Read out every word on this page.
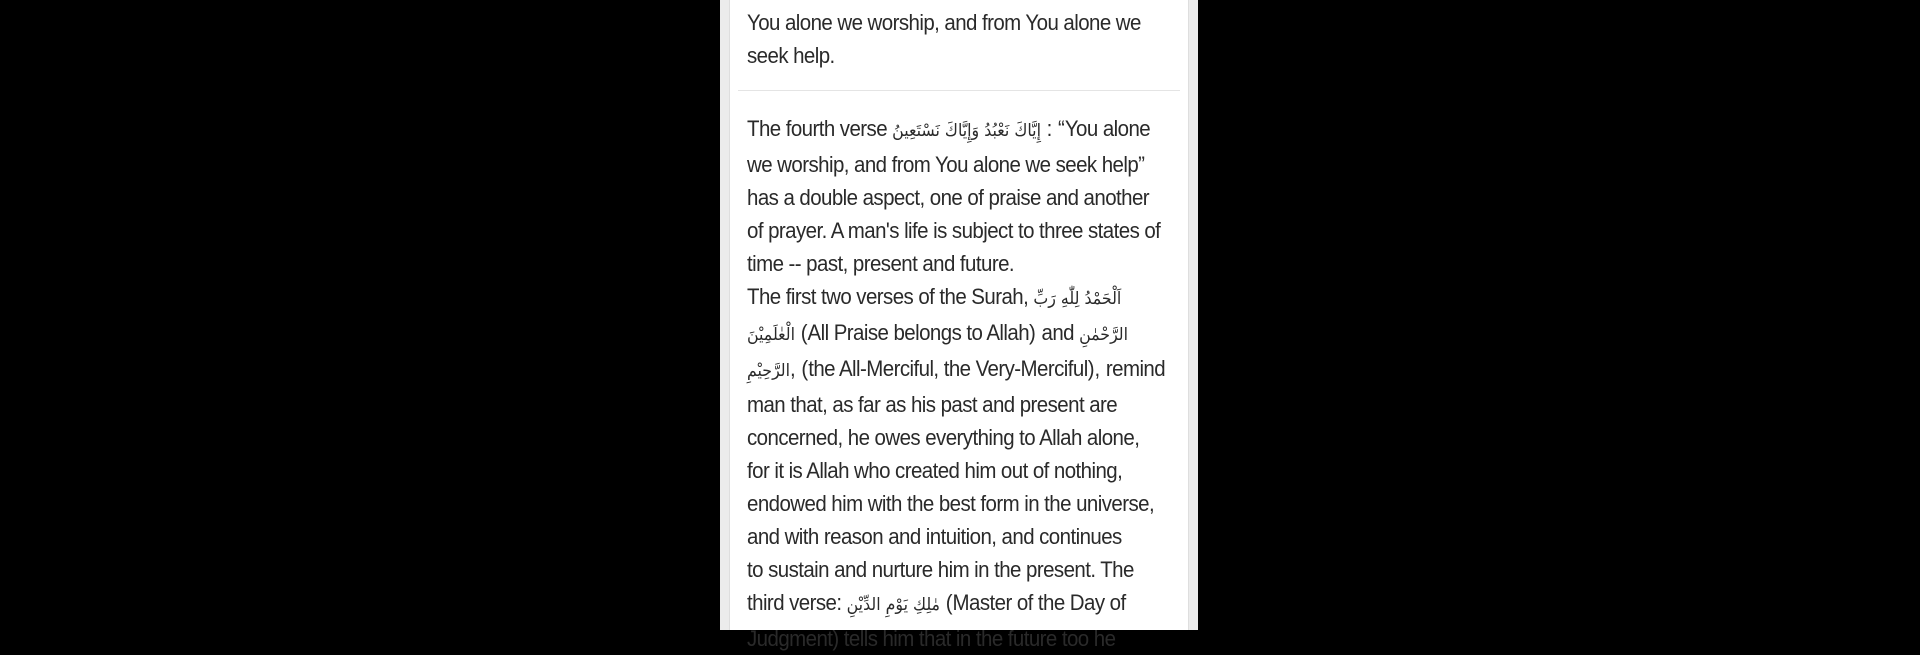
You alone we worship, and from You alone we
seek help.
The fourth verse إِيَّاكَ نَعْبُدُ وَإِيَّاكَ نَسْتَعِينُ : “You alone
we worship, and from You alone we seek help”
has a double aspect, one of praise and another
of prayer. A man's life is subject to three states of
time -- past, present and future.
The first two verses of the Surah, اَلْحَمْدُ لِلّٰهِ رَبِّ
الْعٰلَمِيْنَ (All Praise belongs to Allah) and الرَّحْمٰنِ
الرَّحِيْمِ, (the All-Merciful, the Very-Merciful), remind
man that, as far as his past and present are
concerned, he owes everything to Allah alone,
for it is Allah who created him out of nothing,
endowed him with the best form in the universe,
and with reason and intuition, and continues
to sustain and nurture him in the present. The
third verse: مٰلِكِ يَوْمِ الدِّيْنِ (Master of the Day of
Judgment) tells him that in the future too he
